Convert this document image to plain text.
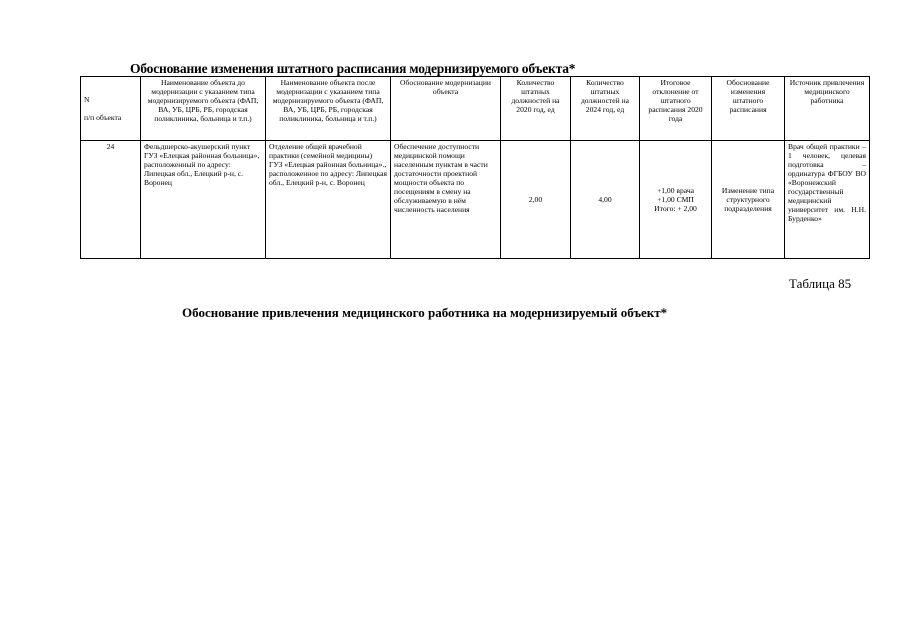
Обоснование изменения штатного расписания модернизируемого объекта*
N

п/п объекта	Наименование объекта до модернизации с указанием типа модернизируемого объекта (ФАП, ВА, УБ, ЦРБ, РБ, городская поликлиника, больница и т.п.)	Наименование объекта после модернизации с указанием типа модернизируемого объекта (ФАП, ВА, УБ, ЦРБ, РБ, городская поликлиника, больница и т.п.)	Обоснование модернизации объекта	Количество штатных должностей на 2020 год, ед	Количество штатных должностей на 2024 год, ед	Итоговое отклонение от штатного расписания 2020 года	Обоснование изменения штатного расписания	Источник привлечения медицинского работника
24	Фельдшерско-акушерский пункт ГУЗ «Елецкая районная больница», расположенный по адресу: Липецкая обл., Елецкий р-н, с. Воронец	Отделение общей врачебной практики (семейной медицины) ГУЗ «Елецкая районная больница»., расположенное по адресу: Липецкая обл., Елецкий р-н, с. Воронец	Обеспечение доступности медицинской помощи населенным пунктам в части достаточности проектной мощности объекта по посещениям в смену на обслуживаемую в нём численность населения	2,00	4,00	+1,00 врача
+1,00 СМП
Итого: + 2,00	Изменение типа структурного подразделения	Врач общей практики – 1 человек, целевая подготовка – ординатура ФГБОУ ВО «Воронежский государственный медицинский университет им. Н.Н. Бурденко»
Таблица 85
Обоснование привлечения медицинского работника на модернизируемый объект*
